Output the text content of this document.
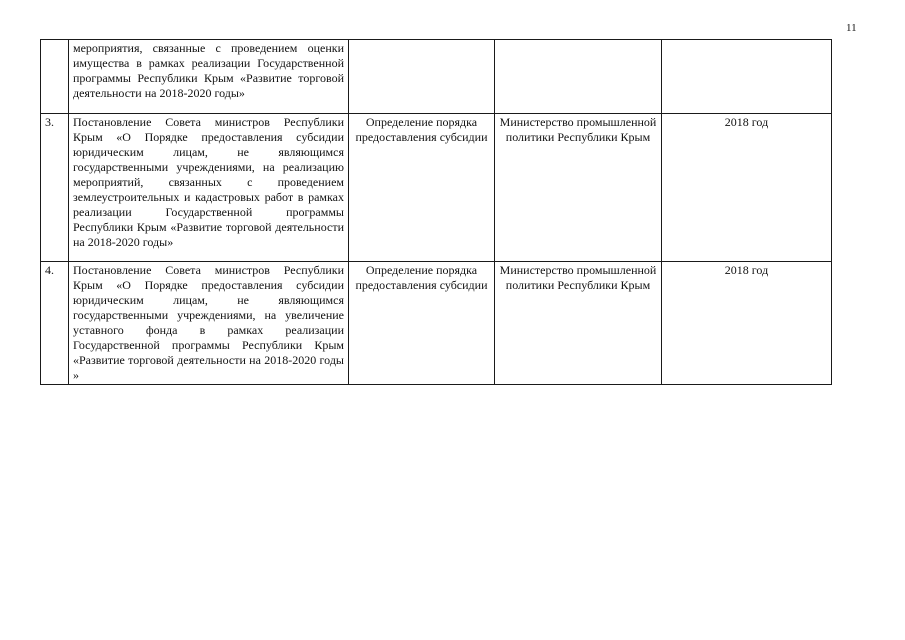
11
	мероприятия, связанные с проведением оценки имущества в рамках реализации Государственной программы Республики Крым «Развитие торговой деятельности на 2018-2020 годы»			
3.	Постановление Совета министров Республики Крым «О Порядке предоставления субсидии юридическим лицам, не являющимся государственными учреждениями, на реализацию мероприятий, связанных с проведением землеустроительных и кадастровых работ в рамках реализации Государственной программы Республики Крым «Развитие торговой деятельности на 2018-2020 годы»	Определение порядка предоставления субсидии	Министерство промышленной политики Республики Крым	2018 год
4.	Постановление Совета министров Республики Крым «О Порядке предоставления субсидии юридическим лицам, не являющимся государственными учреждениями, на увеличение уставного фонда в рамках реализации Государственной программы Республики Крым «Развитие торговой деятельности на 2018-2020 годы »	Определение порядка предоставления субсидии	Министерство промышленной политики Республики Крым	2018 год
